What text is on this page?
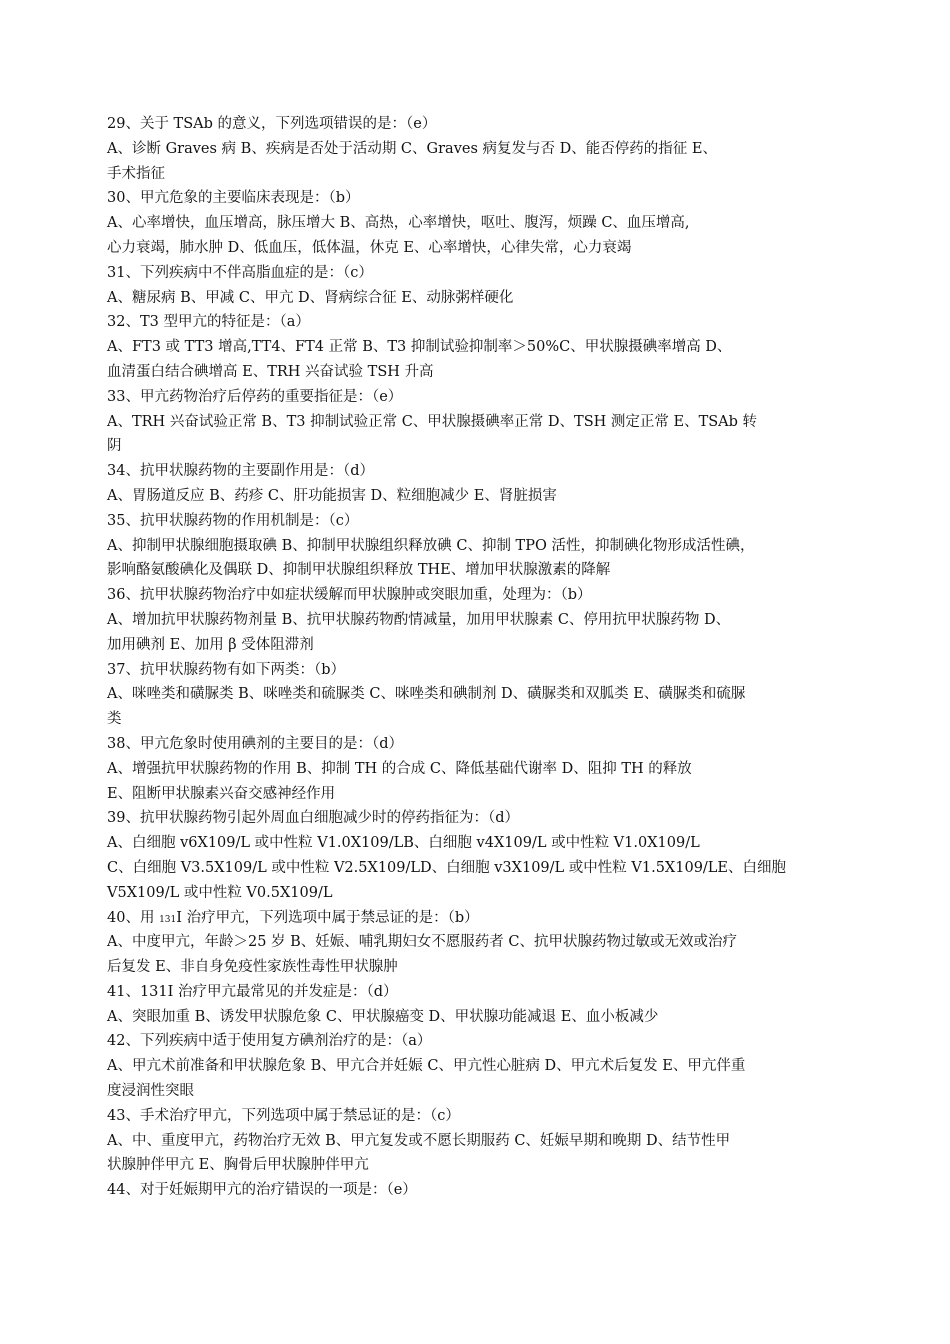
29、关于 TSAb 的意义，下列选项错误的是：（e）
A、诊断 Graves 病 B、疾病是否处于活动期 C、Graves 病复发与否 D、能否停药的指征 E、
手术指征
30、甲亢危象的主要临床表现是：（b）
A、心率增快，血压增高，脉压增大 B、高热，心率增快，呕吐、腹泻，烦躁 C、血压增高,
心力衰竭，肺水肿 D、低血压，低体温，休克 E、心率增快，心律失常，心力衰竭
31、下列疾病中不伴高脂血症的是：（c）
A、糖尿病 B、甲减 C、甲亢 D、肾病综合征 E、动脉粥样硬化
32、T3 型甲亢的特征是：（a）
A、FT3 或 TT3 增高,TT4、FT4 正常 B、T3 抑制试验抑制率＞50%C、甲状腺摄碘率增高 D、
血清蛋白结合碘增高 E、TRH 兴奋试验 TSH 升高
33、甲亢药物治疗后停药的重要指征是：（e）
A、TRH 兴奋试验正常 B、T3 抑制试验正常 C、甲状腺摄碘率正常 D、TSH 测定正常 E、TSAb 转
阴
34、抗甲状腺药物的主要副作用是：（d）
A、胃肠道反应 B、药疹 C、肝功能损害 D、粒细胞减少 E、肾脏损害
35、抗甲状腺药物的作用机制是：（c）
A、抑制甲状腺细胞摄取碘 B、抑制甲状腺组织释放碘 C、抑制 TPO 活性，抑制碘化物形成活性碘，
影响酪氨酸碘化及偶联 D、抑制甲状腺组织释放 THE、增加甲状腺激素的降解
36、抗甲状腺药物治疗中如症状缓解而甲状腺肿或突眼加重，处理为：（b）
A、增加抗甲状腺药物剂量 B、抗甲状腺药物酌情减量，加用甲状腺素 C、停用抗甲状腺药物 D、
加用碘剂 E、加用 β 受体阻滞剂
37、抗甲状腺药物有如下两类：（b）
A、咪唑类和磺脲类 B、咪唑类和硫脲类 C、咪唑类和碘制剂 D、磺脲类和双胍类 E、磺脲类和硫脲
类
38、甲亢危象时使用碘剂的主要目的是：（d）
A、增强抗甲状腺药物的作用 B、抑制 TH 的合成 C、降低基础代谢率 D、阻抑 TH 的释放
E、阻断甲状腺素兴奋交感神经作用
39、抗甲状腺药物引起外周血白细胞减少时的停药指征为：（d）
A、白细胞 v6X109/L 或中性粒 V1.0X109/LB、白细胞 v4X109/L 或中性粒 V1.0X109/L
C、白细胞 V3.5X109/L 或中性粒 V2.5X109/LD、白细胞 v3X109/L 或中性粒 V1.5X109/LE、白细胞
V5X109/L 或中性粒 V0.5X109/L
40、用 131I 治疗甲亢，下列选项中属于禁忌证的是：（b）
A、中度甲亢，年龄＞25 岁 B、妊娠、哺乳期妇女不愿服药者 C、抗甲状腺药物过敏或无效或治疗
后复发 E、非自身免疫性家族性毒性甲状腺肿
41、131I 治疗甲亢最常见的并发症是：（d）
A、突眼加重 B、诱发甲状腺危象 C、甲状腺癌变 D、甲状腺功能减退 E、血小板减少
42、下列疾病中适于使用复方碘剂治疗的是：（a）
A、甲亢术前准备和甲状腺危象 B、甲亢合并妊娠 C、甲亢性心脏病 D、甲亢术后复发 E、甲亢伴重
度浸润性突眼
43、手术治疗甲亢，下列选项中属于禁忌证的是：（c）
A、中、重度甲亢，药物治疗无效 B、甲亢复发或不愿长期服药 C、妊娠早期和晚期 D、结节性甲
状腺肿伴甲亢 E、胸骨后甲状腺肿伴甲亢
44、对于妊娠期甲亢的治疗错误的一项是：（e）
